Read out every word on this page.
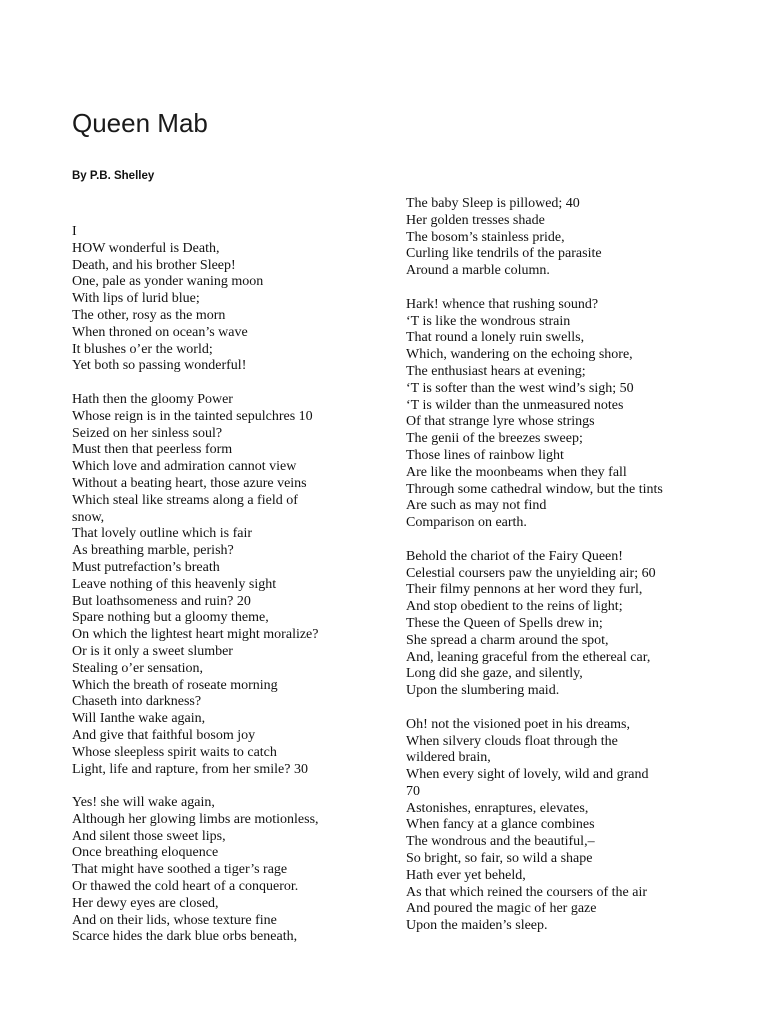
Queen Mab

By P.B. Shelley

I
HOW wonderful is Death,
Death, and his brother Sleep!
One, pale as yonder waning moon
With lips of lurid blue;
The other, rosy as the morn
When throned on ocean’s wave
It blushes o’er the world;
Yet both so passing wonderful!
Hath then the gloomy Power
Whose reign is in the tainted sepulchres 10
Seized on her sinless soul?
Must then that peerless form
Which love and admiration cannot view
Without a beating heart, those azure veins
Which steal like streams along a field of
snow,
That lovely outline which is fair
As breathing marble, perish?
Must putrefaction’s breath
Leave nothing of this heavenly sight
But loathsomeness and ruin? 20
Spare nothing but a gloomy theme,
On which the lightest heart might moralize?
Or is it only a sweet slumber
Stealing o’er sensation,
Which the breath of roseate morning
Chaseth into darkness?
Will Ianthe wake again,
And give that faithful bosom joy
Whose sleepless spirit waits to catch
Light, life and rapture, from her smile? 30
Yes! she will wake again,
Although her glowing limbs are motionless,
And silent those sweet lips,
Once breathing eloquence
That might have soothed a tiger’s rage
Or thawed the cold heart of a conqueror.
Her dewy eyes are closed,
And on their lids, whose texture fine
Scarce hides the dark blue orbs beneath,
The baby Sleep is pillowed; 40
Her golden tresses shade
The bosom’s stainless pride,
Curling like tendrils of the parasite
Around a marble column.
Hark! whence that rushing sound?
‘T is like the wondrous strain
That round a lonely ruin swells,
Which, wandering on the echoing shore,
The enthusiast hears at evening;
‘T is softer than the west wind’s sigh; 50
‘T is wilder than the unmeasured notes
Of that strange lyre whose strings
The genii of the breezes sweep;
Those lines of rainbow light
Are like the moonbeams when they fall
Through some cathedral window, but the tints
Are such as may not find
Comparison on earth.
Behold the chariot of the Fairy Queen!
Celestial coursers paw the unyielding air; 60
Their filmy pennons at her word they furl,
And stop obedient to the reins of light;
These the Queen of Spells drew in;
She spread a charm around the spot,
And, leaning graceful from the ethereal car,
Long did she gaze, and silently,
Upon the slumbering maid.
Oh! not the visioned poet in his dreams,
When silvery clouds float through the
wildered brain,
When every sight of lovely, wild and grand
70
Astonishes, enraptures, elevates,
When fancy at a glance combines
The wondrous and the beautiful,–
So bright, so fair, so wild a shape
Hath ever yet beheld,
As that which reined the coursers of the air
And poured the magic of her gaze
Upon the maiden’s sleep.
